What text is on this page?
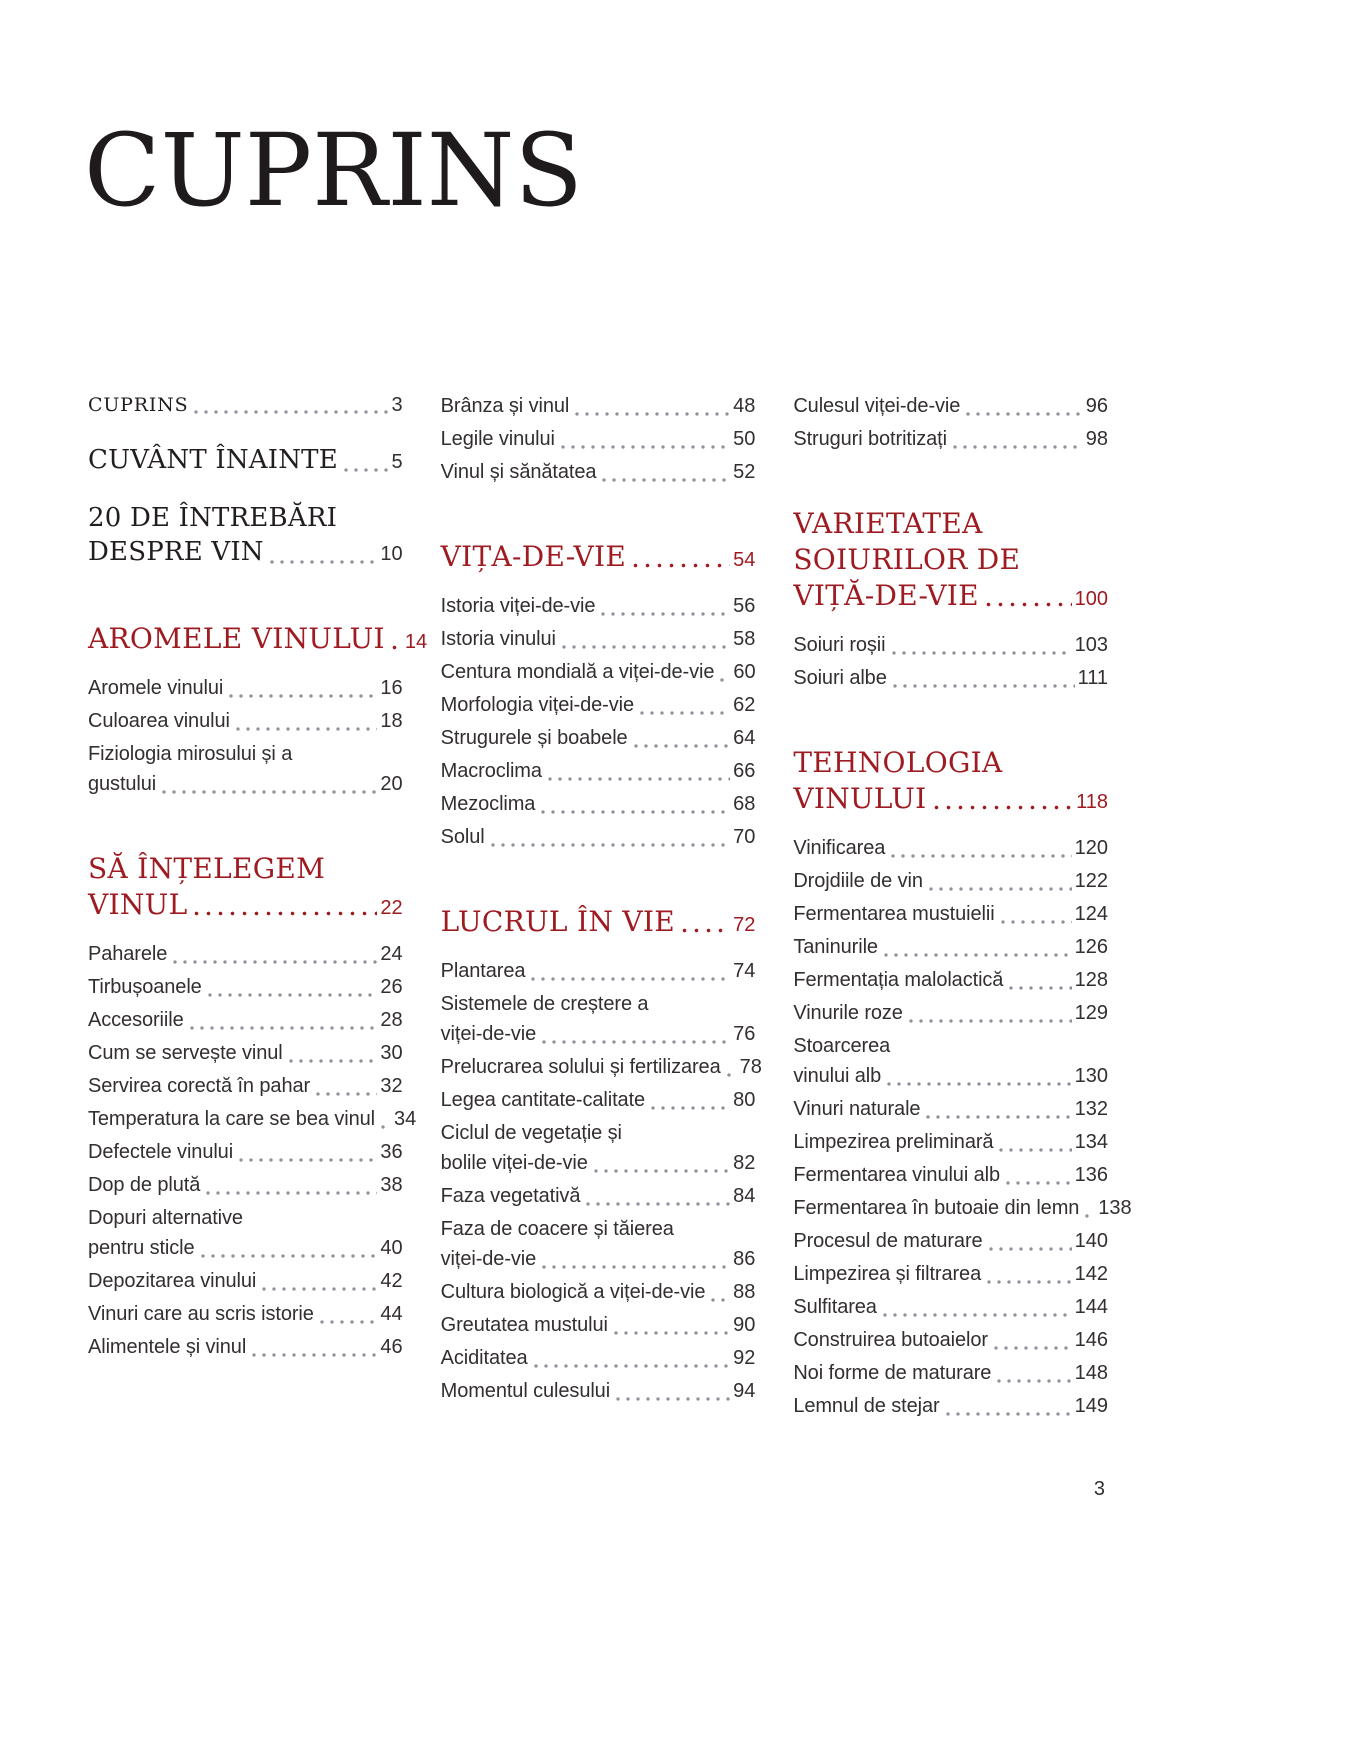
CUPRINS
CUPRINS	3
CUVÂNT ÎNAINTE	5
20 DE ÎNTREBĂRI
DESPRE VIN	10
AROMELE VINULUI 14
Aromele vinului	16
Culoarea vinului	18
Fiziologia mirosului și a
gustului	20
SĂ ÎNȚELEGEM
VINUL	22
Paharele	24
Tirbușoanele	26
Accesoriile	28
Cum se servește vinul	30
Servirea corectă în pahar	32
Temperatura la care se bea vinul 34
Defectele vinului	36
Dop de plută	38
Dopuri alternative
pentru sticle	40
Depozitarea vinului	42
Vinuri care au scris istorie	44
Alimentele și vinul	46
Brânza și vinul	48
Legile vinului	50
Vinul și sănătatea	52
VIȚA-DE-VIE	54
Istoria viței-de-vie	56
Istoria vinului	58
Centura mondială a viței-de-vie 60
Morfologia viței-de-vie	62
Strugurele și boabele	64
Macroclima	66
Mezoclima	68
Solul	70
LUCRUL ÎN VIE	72
Plantarea	74
Sistemele de creștere a
viței-de-vie	76
Prelucrarea solului și fertilizarea 78
Legea cantitate-calitate	80
Ciclul de vegetație și
bolile viței-de-vie	82
Faza vegetativă	84
Faza de coacere și tăierea
viței-de-vie	86
Cultura biologică a viței-de-vie 88
Greutatea mustului	90
Aciditatea	92
Momentul culesului	94
Culesul viței-de-vie	96
Struguri botritizați	98
VARIETATEA
SOIURILOR DE
VIȚĂ-DE-VIE	100
Soiuri roșii	103
Soiuri albe	111
TEHNOLOGIA
VINULUI	118
Vinificarea	120
Drojdiile de vin	122
Fermentarea mustuielii	124
Taninurile	126
Fermentația malolactică	128
Vinurile roze	129
Stoarcerea
vinului alb	130
Vinuri naturale	132
Limpezirea preliminară	134
Fermentarea vinului alb	136
Fermentarea în butoaie din lemn 138
Procesul de maturare	140
Limpezirea și filtrarea	142
Sulfitarea	144
Construirea butoaielor	146
Noi forme de maturare	148
Lemnul de stejar	149
3
